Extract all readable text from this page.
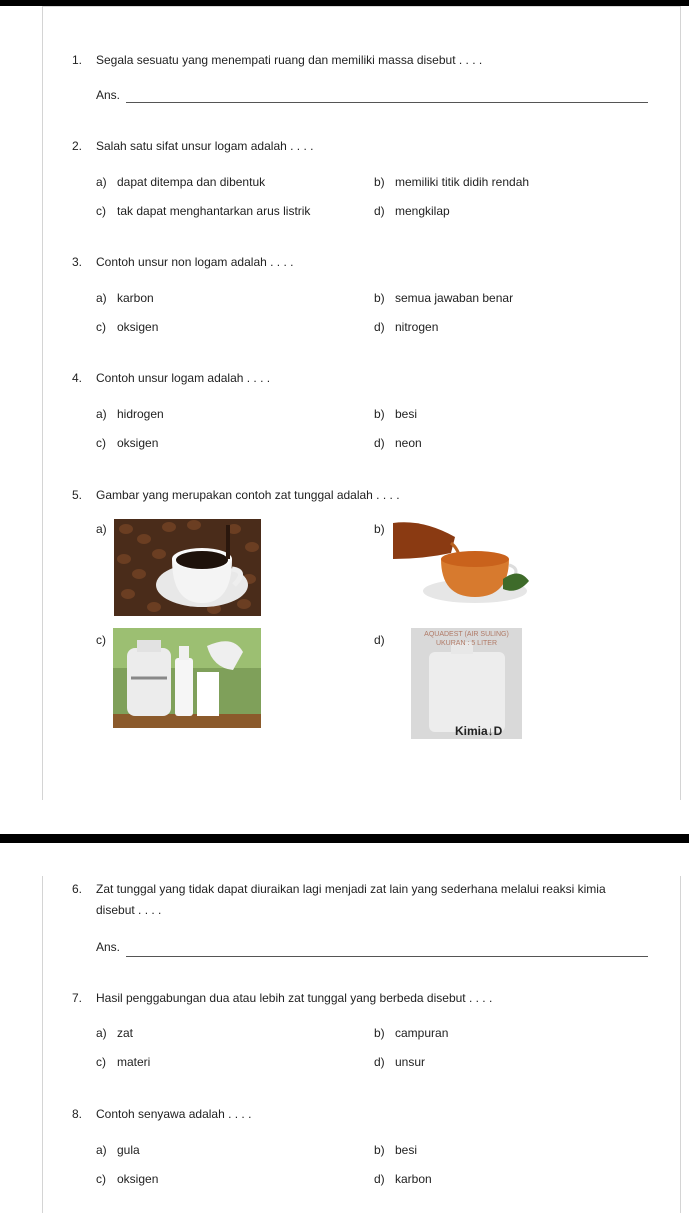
1. Segala sesuatu yang menempati ruang dan memiliki massa disebut . . . .
Ans.
2. Salah satu sifat unsur logam adalah . . . .
a) dapat ditempa dan dibentuk	b) memiliki titik didih rendah
c) tak dapat menghantarkan arus listrik	d) mengkilap
3. Contoh unsur non logam adalah . . . .
a) karbon	b) semua jawaban benar
c) oksigen	d) nitrogen
4. Contoh unsur logam adalah . . . .
a) hidrogen	b) besi
c) oksigen	d) neon
5. Gambar yang merupakan contoh zat tunggal adalah . . . .
a)	b)
c)	d)	AQUADEST (AIR SULING)
UKURAN : 5 LITER
Kimia↓D
6. Zat tunggal yang tidak dapat diuraikan lagi menjadi zat lain yang sederhana melalui reaksi kimia
disebut . . . .
Ans.
7. Hasil penggabungan dua atau lebih zat tunggal yang berbeda disebut . . . .
a) zat	b) campuran
c) materi	d) unsur
8. Contoh senyawa adalah . . . .
a) gula	b) besi
c) oksigen	d) karbon
